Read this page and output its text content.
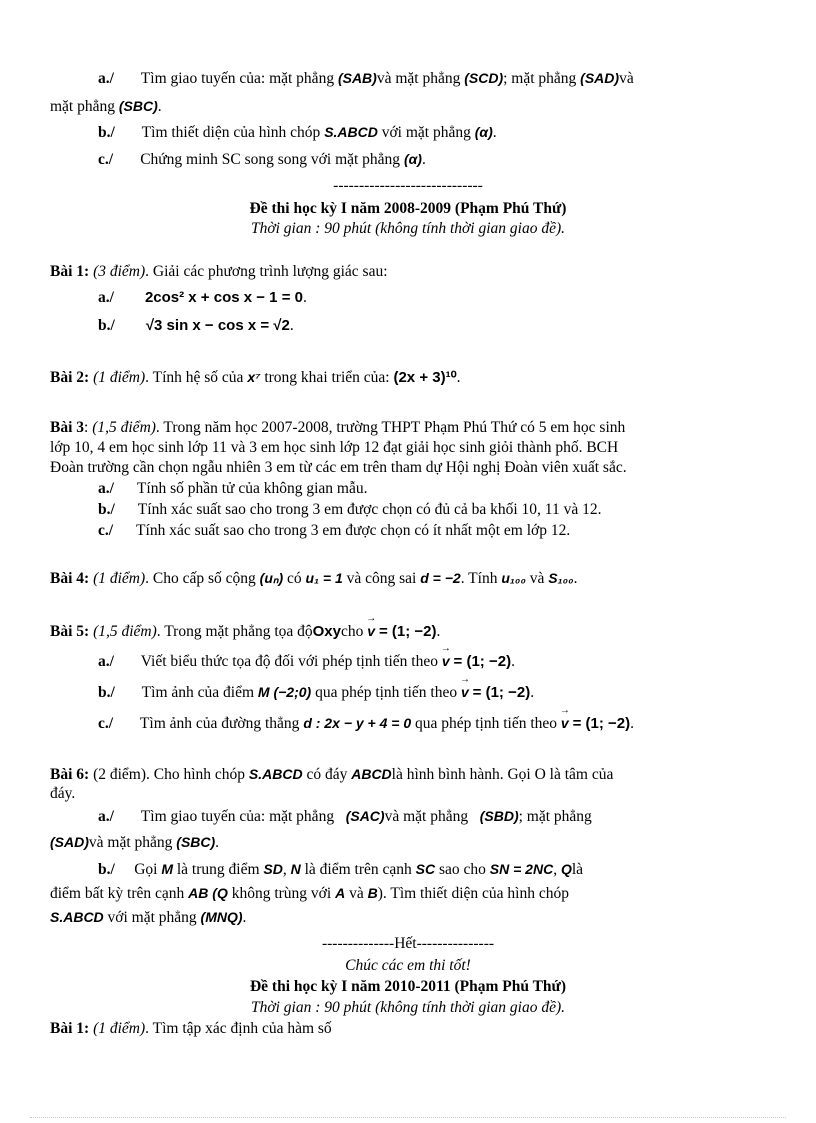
a./ Tìm giao tuyến của: mặt phẳng (SAB)và mặt phẳng (SCD); mặt phẳng (SAD)và
mặt phẳng (SBC).
b./ Tìm thiết diện của hình chóp S.ABCD với mặt phẳng (α).
c./ Chứng minh SC song song với mặt phẳng (α).
-----------------------------
Đề thi học kỳ I năm 2008-2009 (Phạm Phú Thứ)
Thời gian : 90 phút (không tính thời gian giao đề).
Bài 1: (3 điểm). Giải các phương trình lượng giác sau:
a./ 2cos² x + cos x − 1 = 0.
b./ √3 sin x − cos x = √2.
Bài 2: (1 điểm). Tính hệ số của x⁷ trong khai triển của: (2x + 3)¹⁰.
Bài 3: (1,5 điểm). Trong năm học 2007-2008, trường THPT Phạm Phú Thứ có 5 em học sinh
lớp 10, 4 em học sinh lớp 11 và 3 em học sinh lớp 12 đạt giải học sinh giỏi thành phố. BCH
Đoàn trường cần chọn ngẫu nhiên 3 em từ các em trên tham dự Hội nghị Đoàn viên xuất sắc.
a./ Tính số phần tử của không gian mẫu.
b./ Tính xác suất sao cho trong 3 em được chọn có đủ cả ba khối 10, 11 và 12.
c./ Tính xác suất sao cho trong 3 em được chọn có ít nhất một em lớp 12.
Bài 4: (1 điểm). Cho cấp số cộng (uₙ) có u₁ = 1 và công sai d = −2. Tính u₁₀₀ và S₁₀₀.
Bài 5: (1,5 điểm). Trong mặt phẳng tọa độOxycho → v = (1; −2).
a./ Viết biểu thức tọa độ đối với phép tịnh tiến theo → v = (1; −2).
b./ Tìm ảnh của điểm M (−2;0) qua phép tịnh tiến theo → v = (1; −2).
c./ Tìm ảnh của đường thẳng d : 2x − y + 4 = 0 qua phép tịnh tiến theo → v = (1; −2).
Bài 6: (2 điểm). Cho hình chóp S.ABCD có đáy ABCDlà hình bình hành. Gọi O là tâm của
đáy.
a./ Tìm giao tuyến của: mặt phẳng (SAC)và mặt phẳng (SBD); mặt phẳng
(SAD)và mặt phẳng (SBC).
b./ Gọi M là trung điểm SD, N là điểm trên cạnh SC sao cho SN = 2NC, Qlà
điểm bất kỳ trên cạnh AB (Q không trùng với A và B). Tìm thiết diện của hình chóp
S.ABCD với mặt phẳng (MNQ).
--------------Hết---------------
Chúc các em thi tốt!
Đề thi học kỳ I năm 2010-2011 (Phạm Phú Thứ)
Thời gian : 90 phút (không tính thời gian giao đề).
Bài 1: (1 điểm). Tìm tập xác định của hàm số
